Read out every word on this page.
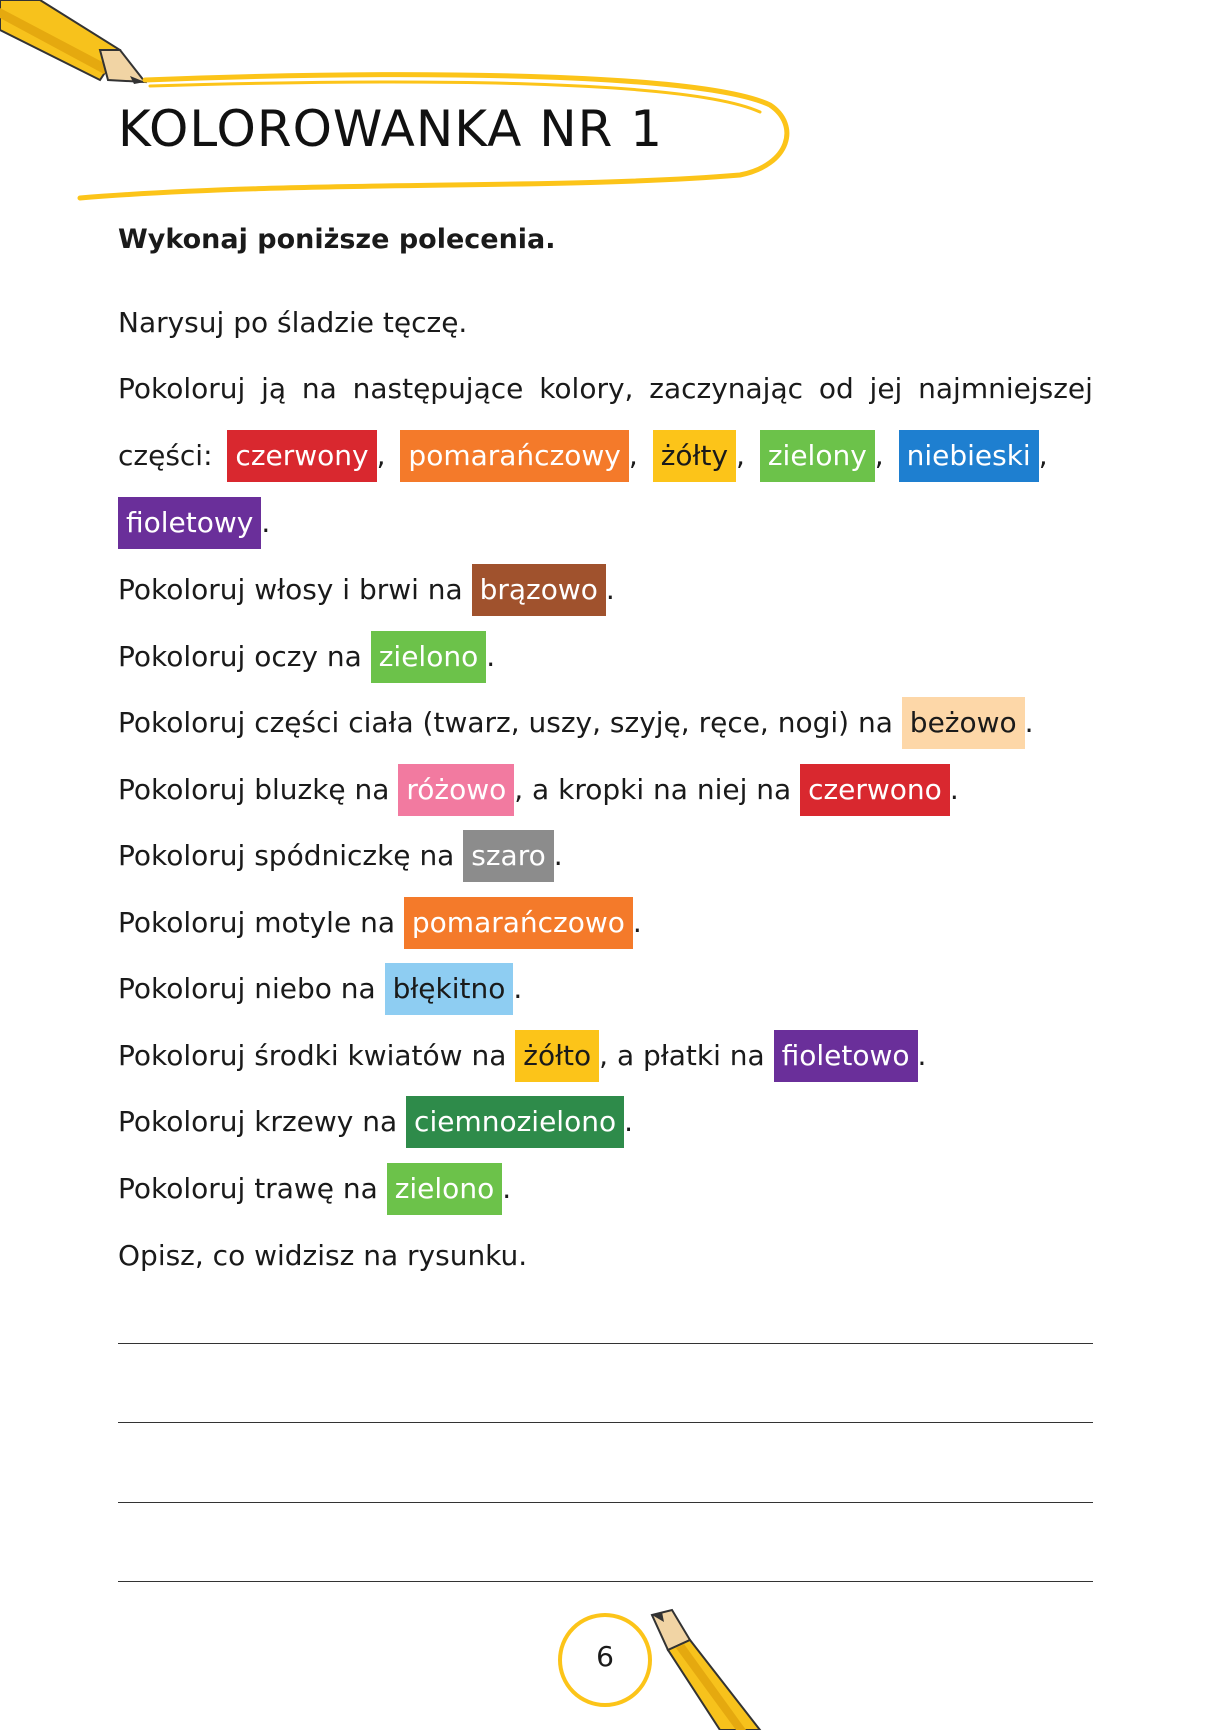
KOLOROWANKA NR 1

Wykonaj poniższe polecenia.

Narysuj po śladzie tęczę.
Pokoloruj ją na następujące kolory, zaczynając od jej najmniejszej
części: czerwony , pomarańczowy , żółty , zielony , niebieski ,
fioletowy .
Pokoloruj włosy i brwi na brązowo .
Pokoloruj oczy na zielono .
Pokoloruj części ciała (twarz, uszy, szyję, ręce, nogi) na beżowo .
Pokoloruj bluzkę na różowo , a kropki na niej na czerwono .
Pokoloruj spódniczkę na szaro .
Pokoloruj motyle na pomarańczowo .
Pokoloruj niebo na błękitno .
Pokoloruj środki kwiatów na żółto , a płatki na fioletowo .
Pokoloruj krzewy na ciemnozielono .
Pokoloruj trawę na zielono .
Opisz, co widzisz na rysunku.
6
